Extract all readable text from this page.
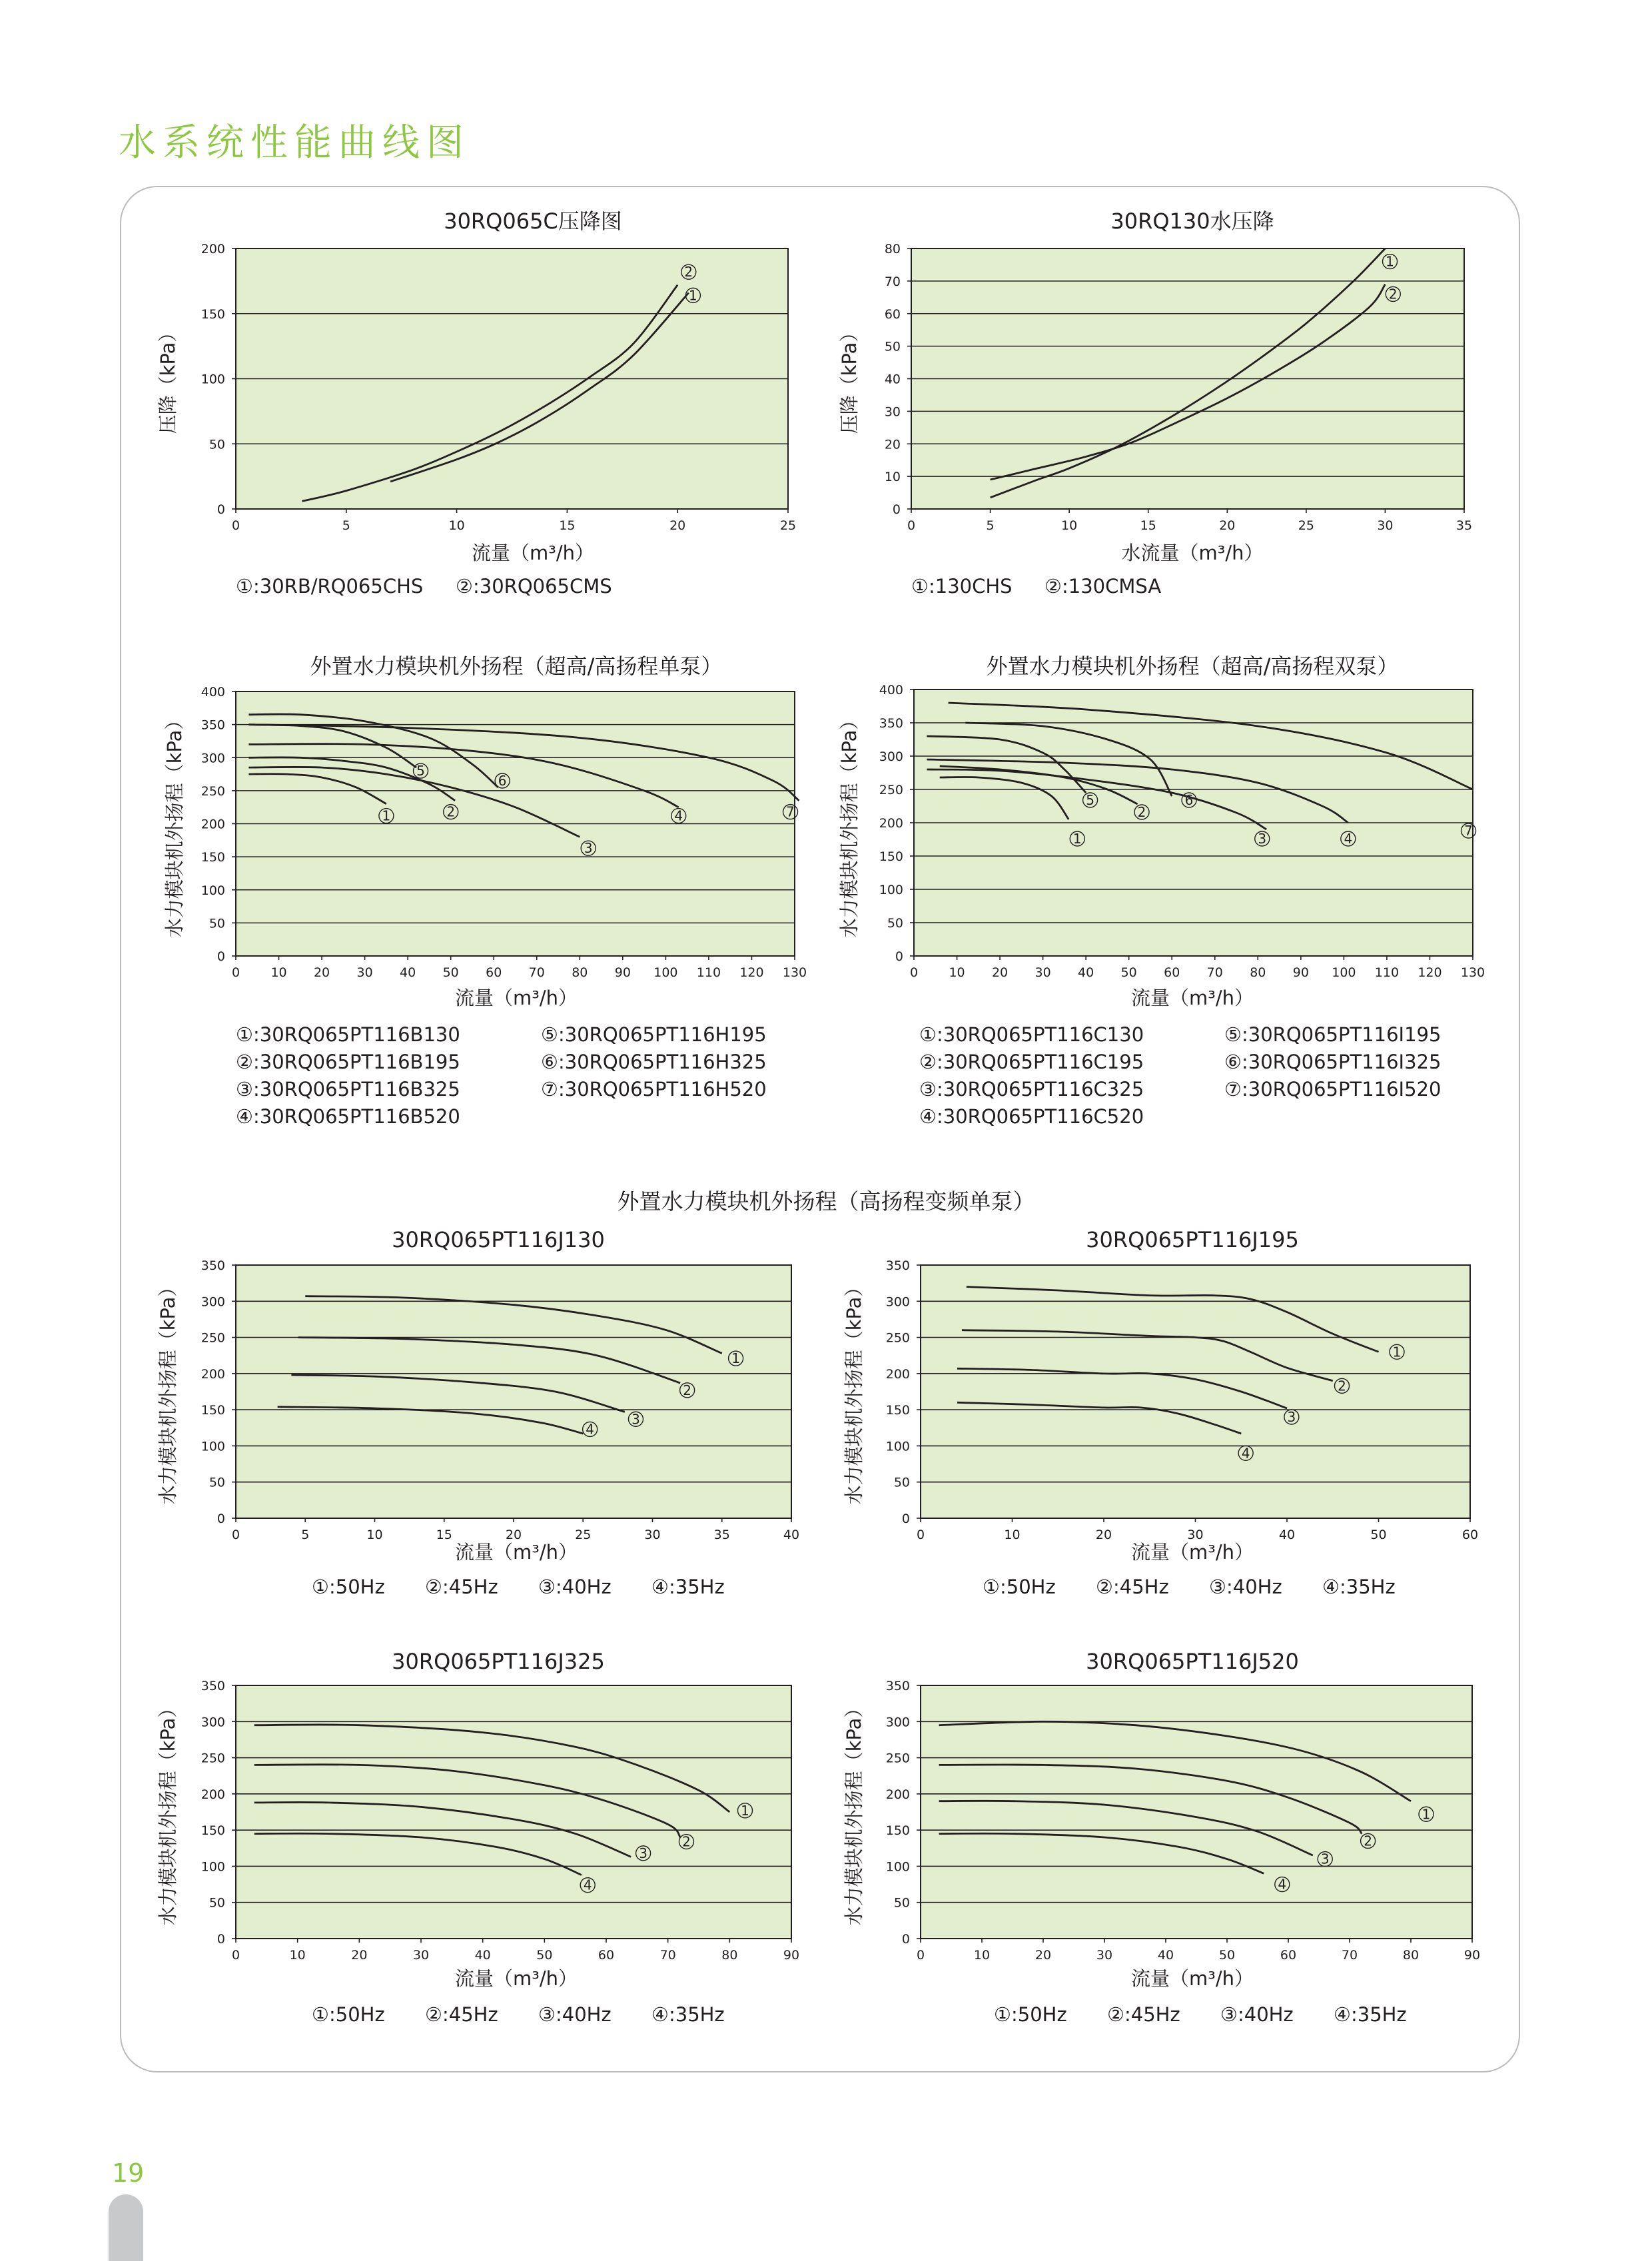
水系统性能曲线图
外置水力模块机外扬程（高扬程变频单泵）
19
0
50
100
150
200
0	5	10	15	20	25
30RQ065C压降图
流量（m³/h）
压降（kPa）
2
1
①:30RB/RQ065CHS ②:30RQ065CMS
0
10
20
30
40
50
60
70
80
0	5	10	15	20	25	30	35
30RQ130水压降
水流量（m³/h）
压降（kPa）
1
2
①:130CHS ②:130CMSA
0
50
100
150
200
250
300
350
400
0 10 20 30 40 50 60 70 80 90 100 110 120 130
外置水力模块机外扬程（超高/高扬程单泵）
流量（m³/h）
水力模块机外扬程（kPa）	1	2
3
4
5
6
7
①:30RQ065PT116B130	⑤:30RQ065PT116H195
②:30RQ065PT116B195	⑥:30RQ065PT116H325
③:30RQ065PT116B325	⑦:30RQ065PT116H520
④:30RQ065PT116B520
0
50
100
150
200
250
300
350
400
0 10 20 30 40 50 60 70 80 90 100 110 120 130
外置水力模块机外扬程（超高/高扬程双泵）
流量（m³/h）
水力模块机外扬程（kPa）	1
2
3	4
5	6
7
①:30RQ065PT116C130	⑤:30RQ065PT116I195
②:30RQ065PT116C195	⑥:30RQ065PT116I325
③:30RQ065PT116C325	⑦:30RQ065PT116I520
④:30RQ065PT116C520
0
50
100
150
200
250
300
350
0	5	10	15	20	25	30	35	40
30RQ065PT116J130
流量（m³/h）
水力模块机外扬程（kPa）	1
2
3
4
①:50Hz ②:45Hz ③:40Hz ④:35Hz
0
50
100
150
200
250
300
350
0	10	20	30	40	50	60
30RQ065PT116J195
流量（m³/h）
水力模块机外扬程（kPa）	1
2
3
4
①:50Hz ②:45Hz ③:40Hz ④:35Hz
0
50
100
150
200
250
300
350
0	10	20	30	40	50	60	70	80	90
30RQ065PT116J325
流量（m³/h）
水力模块机外扬程（kPa）	1
2
3
4
①:50Hz ②:45Hz ③:40Hz ④:35Hz
0
50
100
150
200
250
300
350
0	10	20	30	40	50	60	70	80	90
30RQ065PT116J520
流量（m³/h）
水力模块机外扬程（kPa）	1
2
3
4
①:50Hz ②:45Hz ③:40Hz ④:35Hz
